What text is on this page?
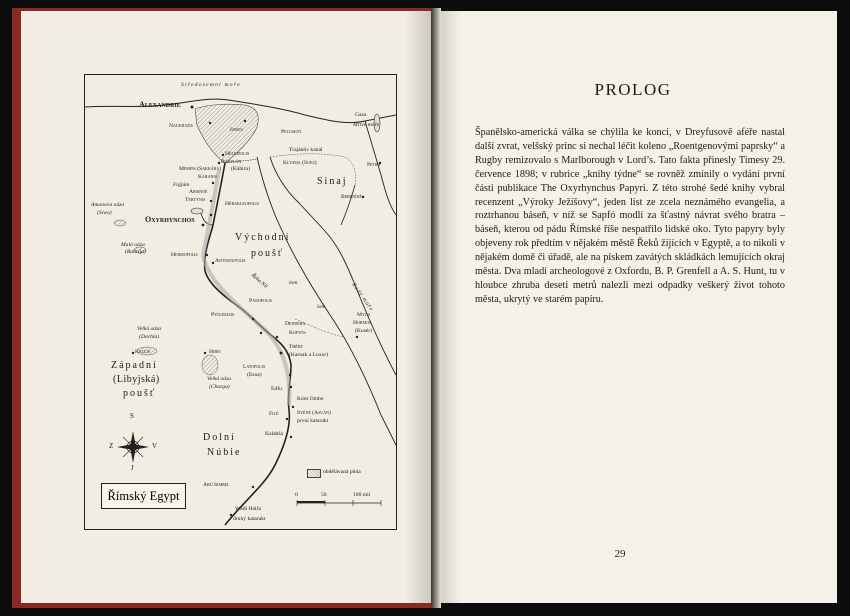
Středozemní moře
Alexandrie
Naukratis
Ismus	Pelusion
Gaza
Mrtvé moře
Héliopolis
Babylón
(Káhira)
Trajánův kanál
Klysma (Suez)
Memfis (Sakkára)
Karanis
Fajjúm
Arsinoé
Tebtynis
Hérakleopolis
Petra
Sinaj
Bereníké
Amonova oáza
(Síwa)
Oxyrhynchos
Východní
poušť
Malá oáza
(Bahríja)	Hermopolis
Antinoupolis
Řeka Nil
Rudé moře
lom
lom
Panopolis
Ptolemais
Velká oáza
(Dachla)
Kellis	Hibis
Dendera
Koptos
Myos
Hormos
(Kusér)
Théby
(Karnak a Luxor)
Západní
(Libyjská)
poušť
Latopolis
(Esna)
Edfu
Velká oáza
(Charga)
Kóm Ombo
Filé	Syéné (Asuán)
první katarakt
Dolní
Núbie
Kalabša
Abú Simbel
Wádí Halfa
druhý katarakt
S
J
V
Z
Římský Egypt
obdělávaná půda
0	50	100 mil
PROLOG
Španělsko-americká válka se chýlila ke konci, v Dreyfusově aféře nastal další zvrat, velšský princ si nechal léčit koleno „Roentgenovými paprsky“ a Rugby remizovalo s Marlborough v Lord’s. Tato fakta přinesly Timesy 29. července 1898; v rubrice „knihy týdne“ se rovněž zmínily o vydání první části publikace The Oxyrhynchus Papyri. Z této strohé šedé knihy vybral recenzent „Výroky Ježíšovy“, jeden list ze zcela neznámého evangelia, a roztrhanou báseň, v níž se Sapfó modlí za šťastný návrat svého bratra – báseň, kterou od pádu Římské říše nespatřilo lidské oko. Tyto papyry byly objeveny rok předtím v nějakém městě Řeků žijících v Egyptě, a to nikoli v nějakém domě či úřadě, ale na pískem zavátých skládkách lemujících okraj města. Dva mladí archeologové z Oxfordu, B. P. Grenfell a A. S. Hunt, tu v hloubce zhruba deseti metrů nalezli mezi odpadky veškerý život tohoto města, ukrytý ve starém papíru.
29
